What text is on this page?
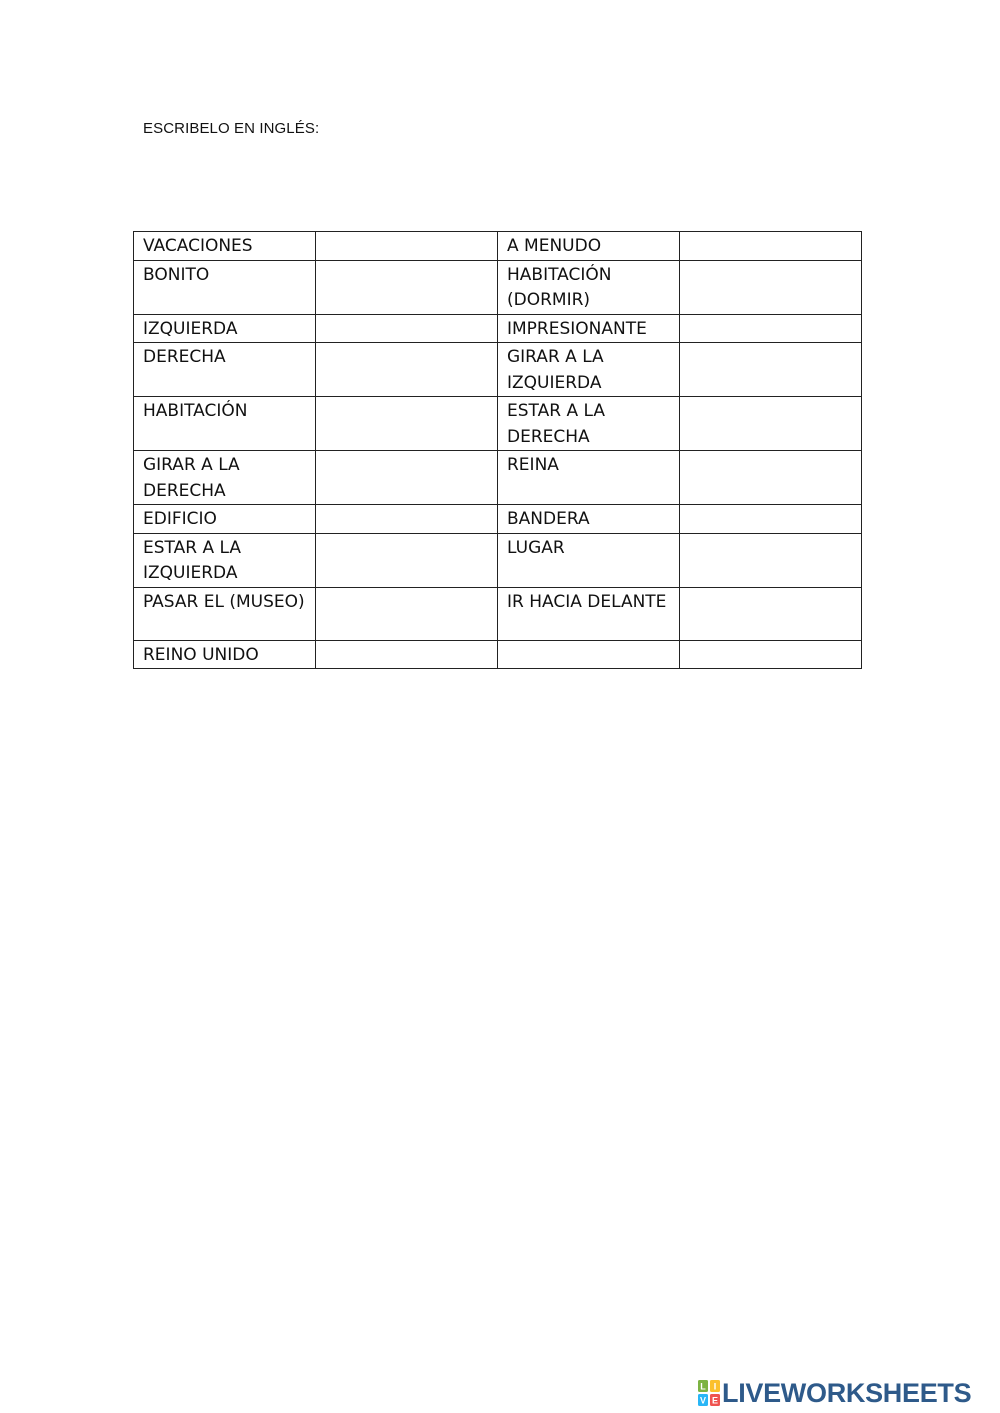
ESCRIBELO EN INGLÉS:
VACACIONES		A MENUDO	
BONITO		HABITACIÓN (DORMIR)	
IZQUIERDA		IMPRESIONANTE	
DERECHA		GIRAR A LA IZQUIERDA	
HABITACIÓN		ESTAR A LA DERECHA	
GIRAR A LA DERECHA		REINA	
EDIFICIO		BANDERA	
ESTAR A LA IZQUIERDA		LUGAR	
PASAR EL (MUSEO)		IR HACIA DELANTE	
REINO UNIDO			
L I
V E LIVEWORKSHEETS
